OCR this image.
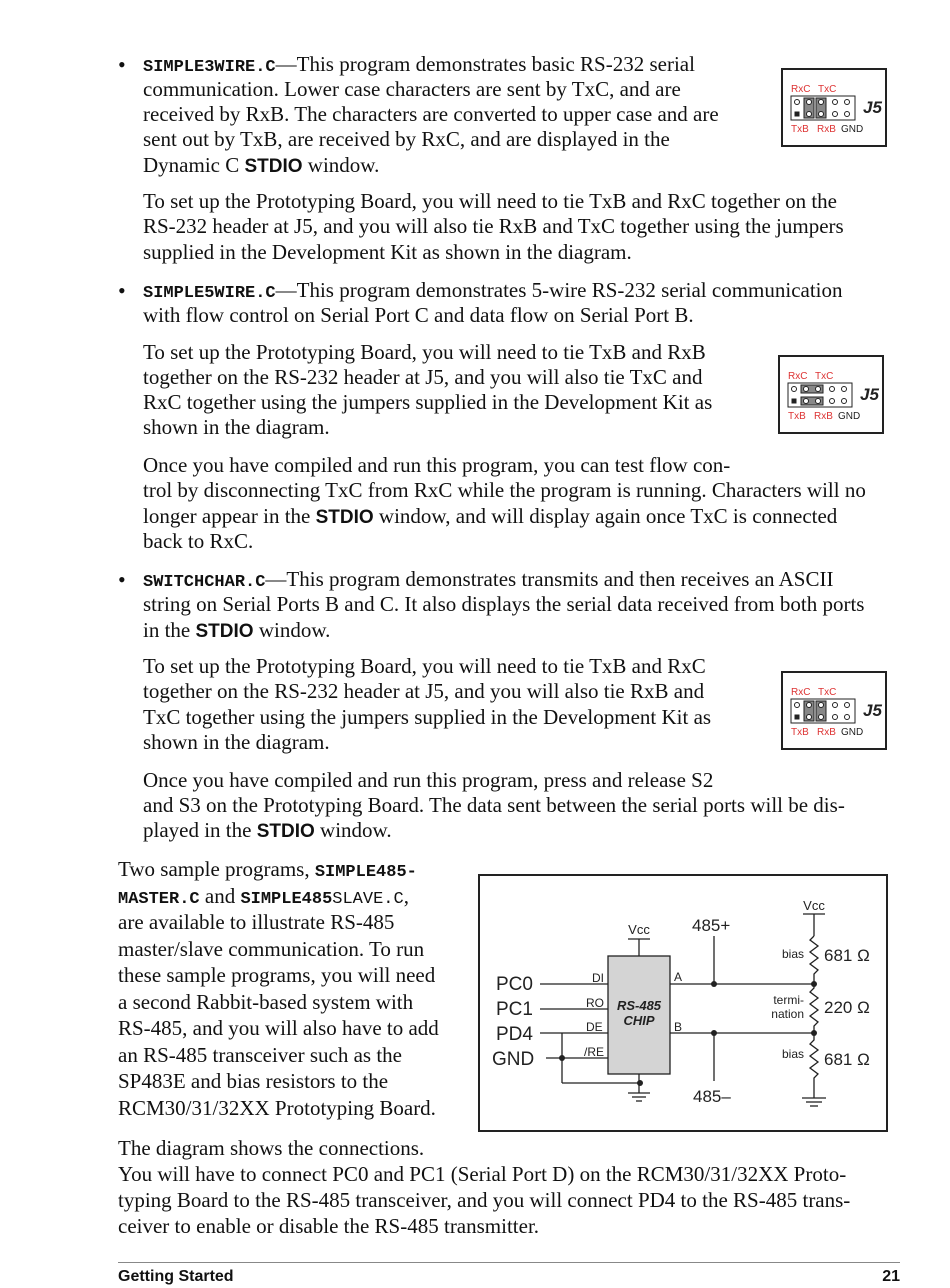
• SIMPLE3WIRE.C—This program demonstrates basic RS-232 serial

communication. Lower case characters are sent by TxC, and are

received by RxB. The characters are converted to upper case and are

sent out by TxB, are received by RxC, and are displayed in the

Dynamic C STDIO window.

To set up the Prototyping Board, you will need to tie TxB and RxC together on the

RS-232 header at J5, and you will also tie RxB and TxC together using the jumpers

supplied in the Development Kit as shown in the diagram.

RxC TxC
TxB RxB GND
J5
• SIMPLE5WIRE.C—This program demonstrates 5-wire RS-232 serial communication

with flow control on Serial Port C and data flow on Serial Port B.

To set up the Prototyping Board, you will need to tie TxB and RxB

together on the RS-232 header at J5, and you will also tie TxC and

RxC together using the jumpers supplied in the Development Kit as

shown in the diagram.

RxC TxC
TxB RxB GND
J5

Once you have compiled and run this program, you can test flow con-

trol by disconnecting TxC from RxC while the program is running. Characters will no

longer appear in the STDIO window, and will display again once TxC is connected

back to RxC.

• SWITCHCHAR.C—This program demonstrates transmits and then receives an ASCII

string on Serial Ports B and C. It also displays the serial data received from both ports

in the STDIO window.

To set up the Prototyping Board, you will need to tie TxB and RxC

together on the RS-232 header at J5, and you will also tie RxB and

TxC together using the jumpers supplied in the Development Kit as

shown in the diagram.

RxC TxC
TxB RxB GND
J5

Once you have compiled and run this program, press and release S2

and S3 on the Prototyping Board. The data sent between the serial ports will be dis-

played in the STDIO window.

Two sample programs, SIMPLE485-

MASTER.C and SIMPLE485SLAVE.C,

are available to illustrate RS-485

master/slave communication. To run

these sample programs, you will need

a second Rabbit-based system with

RS-485, and you will also have to add

an RS-485 transceiver such as the

SP483E and bias resistors to the

RCM30/31/32XX Prototyping Board.

The diagram shows the connections.

You will have to connect PC0 and PC1 (Serial Port D) on the RCM30/31/32XX Proto-

typing Board to the RS-485 transceiver, and you will connect PD4 to the RS-485 trans-

ceiver to enable or disable the RS-485 transmitter.

PC0
PC1
PD4
GND
DI
RO
DE
/RE
RS-485
CHIP
Vcc
A
B
485+
485–
Vcc
bias 681 Ω
termi-
nation 220 Ω
bias 681 Ω
Getting Started	21
